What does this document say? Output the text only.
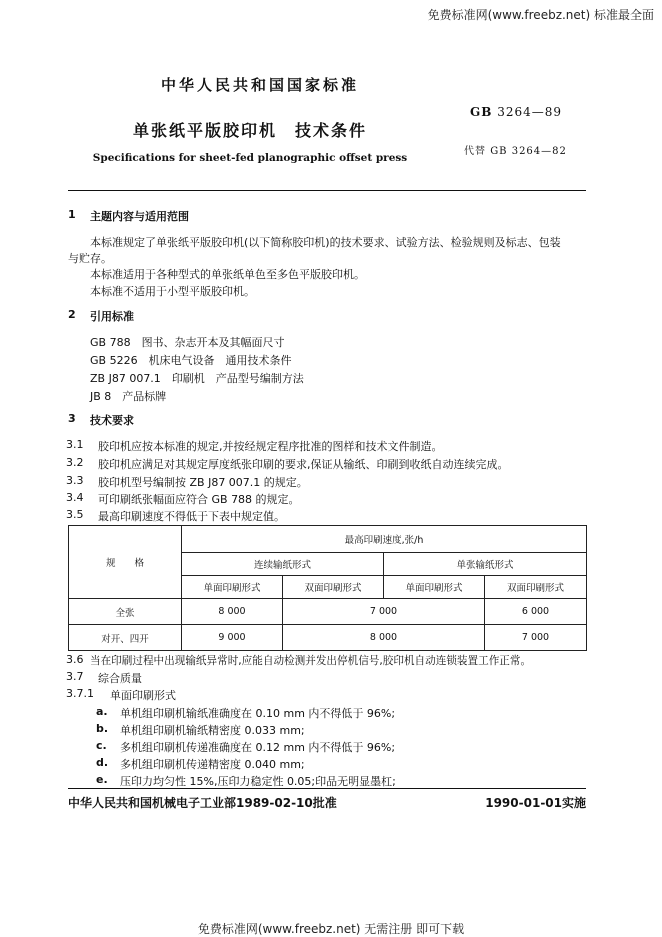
免费标准网(www.freebz.net) 标准最全面
中华人民共和国国家标准
GB 3264—89
单张纸平版胶印机　技术条件
代替 GB 3264—82
Specifications for sheet-fed planographic offset press
1 主题内容与适用范围
本标准规定了单张纸平版胶印机(以下简称胶印机)的技术要求、试验方法、检验规则及标志、包装
与贮存。
本标准适用于各种型式的单张纸单色至多色平版胶印机。
本标准不适用于小型平版胶印机。
2 引用标准
GB 788　 图书、杂志开本及其幅面尺寸
GB 5226　 机床电气设备　通用技术条件
ZB J87 007.1　 印刷机　产品型号编制方法
JB 8　 产品标牌
3 技术要求
3.1 胶印机应按本标准的规定,并按经规定程序批准的图样和技术文件制造。
3.2 胶印机应满足对其规定厚度纸张印刷的要求,保证从输纸、印刷到收纸自动连续完成。
3.3 胶印机型号编制按 ZB J87 007.1 的规定。
3.4 可印刷纸张幅面应符合 GB 788 的规定。
3.5 最高印刷速度不得低于下表中规定值。
规　　格	最高印刷速度,张/h			
	连续输纸形式		单张输纸形式	
	单面印刷形式	双面印刷形式	单面印刷形式	双面印刷形式
全张	8 000	7 000		6 000
对开、四开	9 000	8 000		7 000
3.6 当在印刷过程中出现输纸异常时,应能自动检测并发出停机信号,胶印机自动连锁装置工作正常。
3.7 综合质量
3.7.1 单面印刷形式
a. 单机组印刷机输纸准确度在 0.10 mm 内不得低于 96%;
b. 单机组印刷机输纸精密度 0.033 mm;
c. 多机组印刷机传递准确度在 0.12 mm 内不得低于 96%;
d. 多机组印刷机传递精密度 0.040 mm;
e. 压印力均匀性 15%,压印力稳定性 0.05;印品无明显墨杠;
中华人民共和国机械电子工业部1989-02-10批准	1990-01-01实施
免费标准网(www.freebz.net) 无需注册 即可下载
